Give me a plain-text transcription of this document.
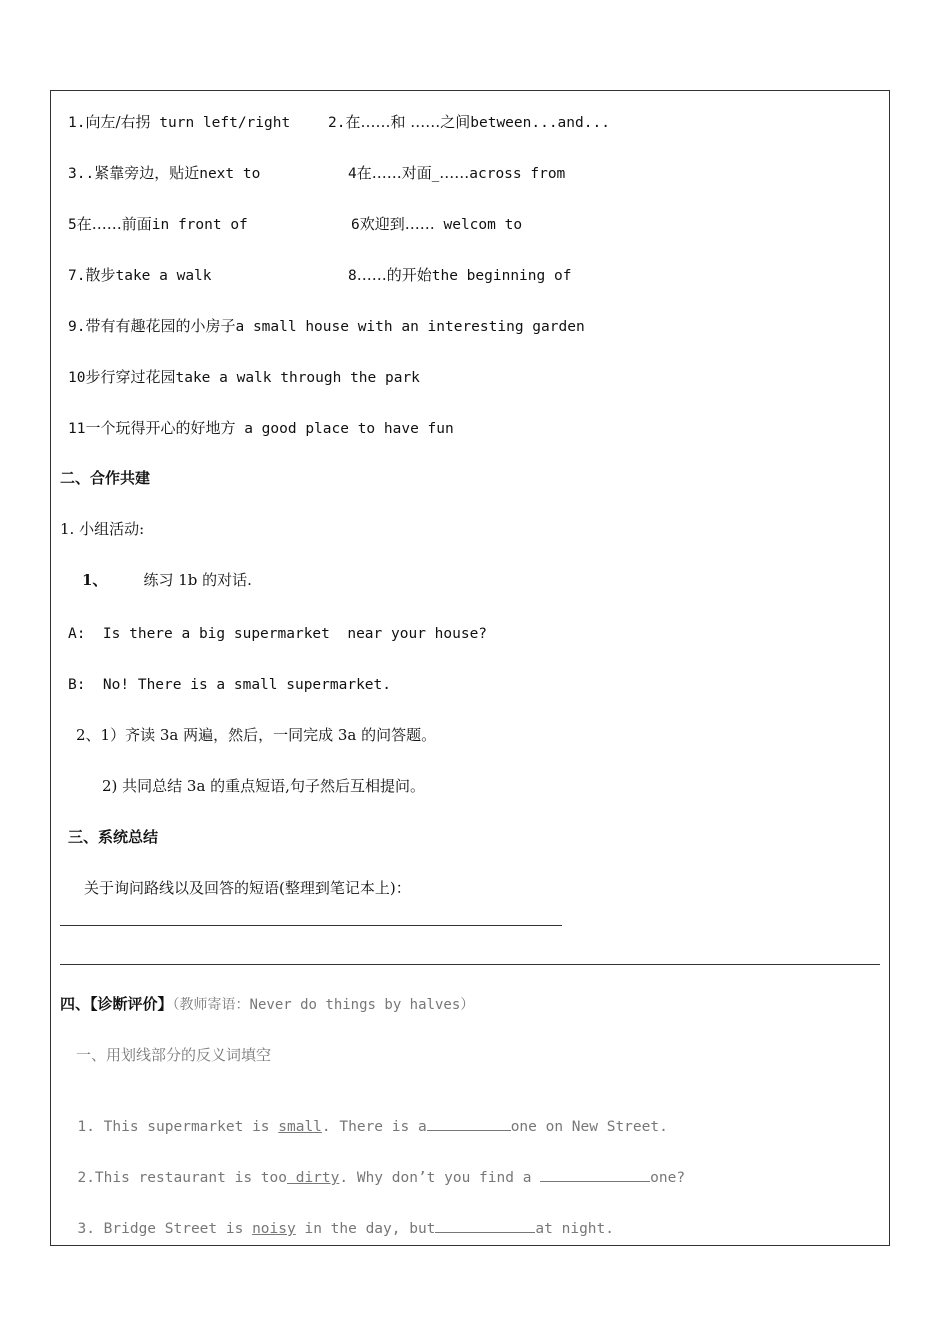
1.向左/右拐 turn left/right	2.在……和 ……之间between...and...
3..紧靠旁边，贴近next to	4在……对面_……across from
5在……前面in front of	6欢迎到…… welcom to
7.散步take a walk	8……的开始the beginning of
9.带有有趣花园的小房子a small house with an interesting garden
10步行穿过花园take a walk through the park
11一个玩得开心的好地方 a good place to have fun
二、合作共建
1. 小组活动:
1、 练习 1b 的对话.
A:  Is there a big supermarket  near your house?
B:  No! There is a small supermarket.
2、1）齐读 3a 两遍，然后，一同完成 3a 的问答题。
2) 共同总结 3a 的重点短语,句子然后互相提问。
三、系统总结
关于询问路线以及回答的短语(整理到笔记本上)：
四、【诊断评价】（教师寄语：Never do things by halves）
一、用划线部分的反义词填空

1. This supermarket is small. There is a	one on New Street.

2.This restaurant is too dirty. Why don’t you find a	one?

3. Bridge Street is noisy in the day, but	at night.
